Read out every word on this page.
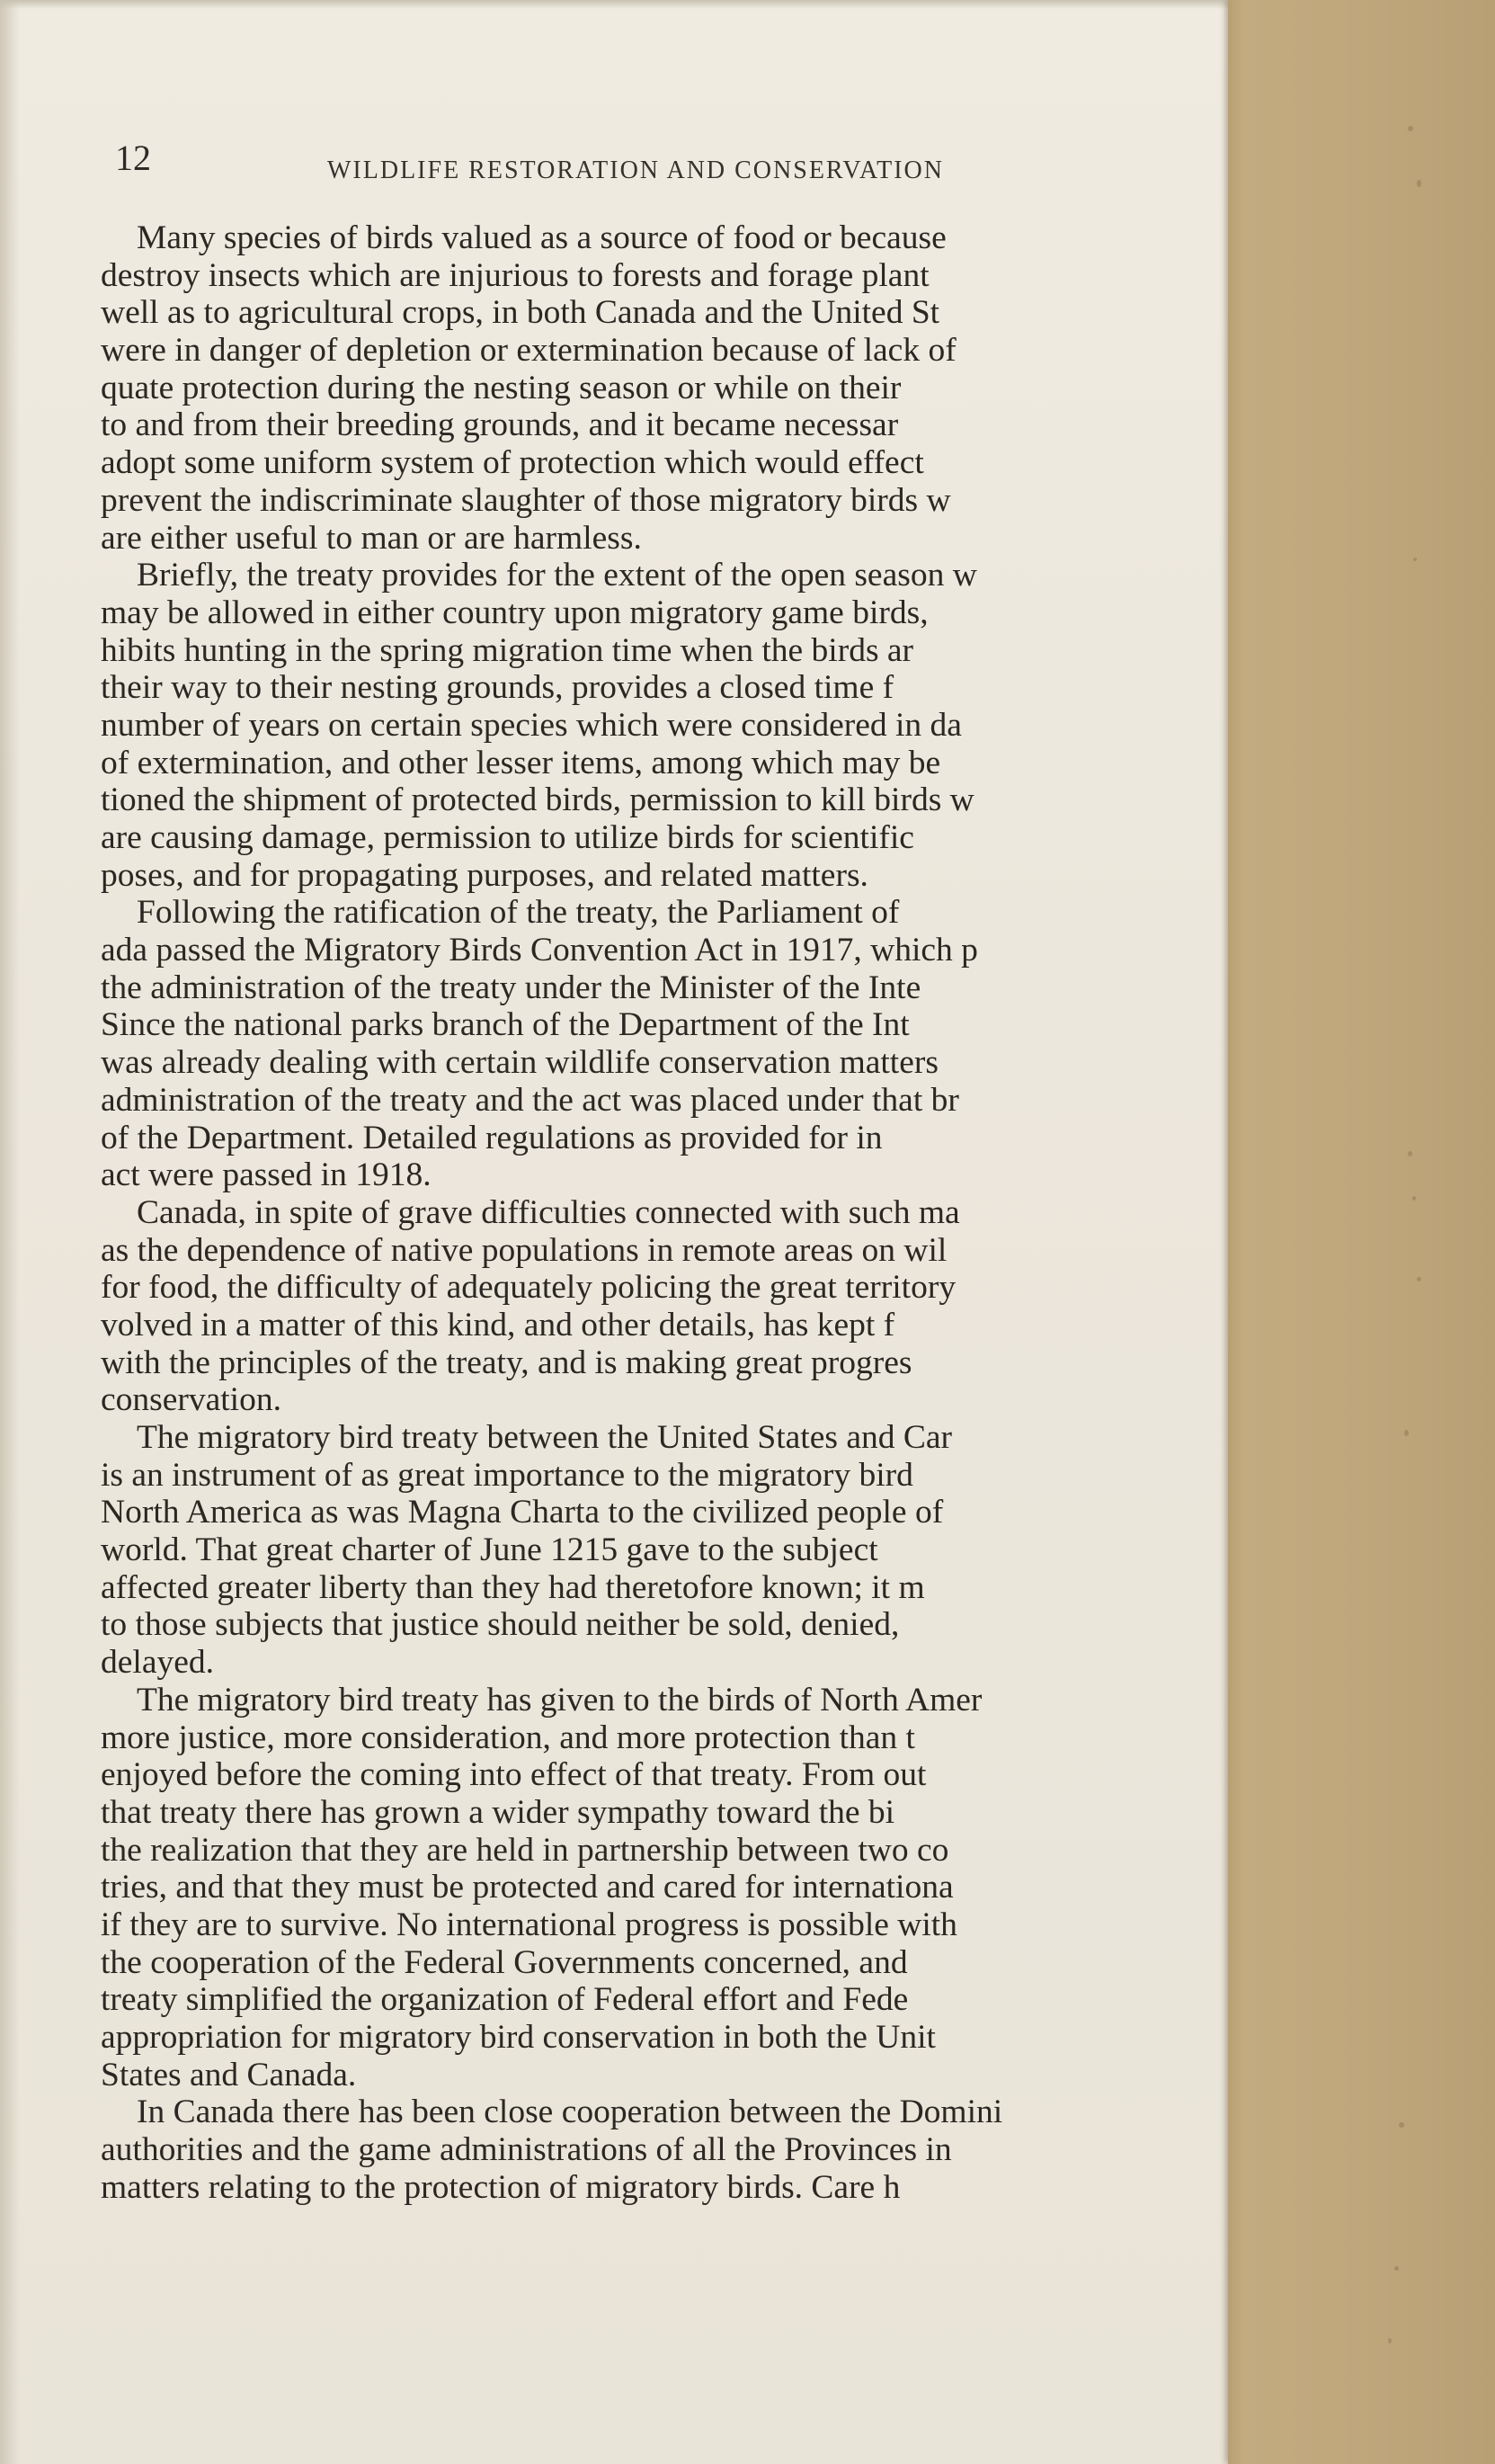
12	WILDLIFE RESTORATION AND CONSERVATION
Many species of birds valued as a source of food or because
destroy insects which are injurious to forests and forage plant
well as to agricultural crops, in both Canada and the United St
were in danger of depletion or extermination because of lack of
quate protection during the nesting season or while on their
to and from their breeding grounds, and it became necessar
adopt some uniform system of protection which would effect
prevent the indiscriminate slaughter of those migratory birds w
are either useful to man or are harmless.
Briefly, the treaty provides for the extent of the open season w
may be allowed in either country upon migratory game birds,
hibits hunting in the spring migration time when the birds ar
their way to their nesting grounds, provides a closed time f
number of years on certain species which were considered in da
of extermination, and other lesser items, among which may be
tioned the shipment of protected birds, permission to kill birds w
are causing damage, permission to utilize birds for scientific
poses, and for propagating purposes, and related matters.
Following the ratification of the treaty, the Parliament of
ada passed the Migratory Birds Convention Act in 1917, which p
the administration of the treaty under the Minister of the Inte
Since the national parks branch of the Department of the Int
was already dealing with certain wildlife conservation matters
administration of the treaty and the act was placed under that br
of the Department. Detailed regulations as provided for in
act were passed in 1918.
Canada, in spite of grave difficulties connected with such ma
as the dependence of native populations in remote areas on wil
for food, the difficulty of adequately policing the great territory
volved in a matter of this kind, and other details, has kept f
with the principles of the treaty, and is making great progres
conservation.
The migratory bird treaty between the United States and Car
is an instrument of as great importance to the migratory bird
North America as was Magna Charta to the civilized people of
world. That great charter of June 1215 gave to the subject
affected greater liberty than they had theretofore known; it m
to those subjects that justice should neither be sold, denied,
delayed.
The migratory bird treaty has given to the birds of North Amer
more justice, more consideration, and more protection than t
enjoyed before the coming into effect of that treaty. From out
that treaty there has grown a wider sympathy toward the bi
the realization that they are held in partnership between two co
tries, and that they must be protected and cared for internationa
if they are to survive. No international progress is possible with
the cooperation of the Federal Governments concerned, and
treaty simplified the organization of Federal effort and Fede
appropriation for migratory bird conservation in both the Unit
States and Canada.
In Canada there has been close cooperation between the Domini
authorities and the game administrations of all the Provinces in
matters relating to the protection of migratory birds. Care h
